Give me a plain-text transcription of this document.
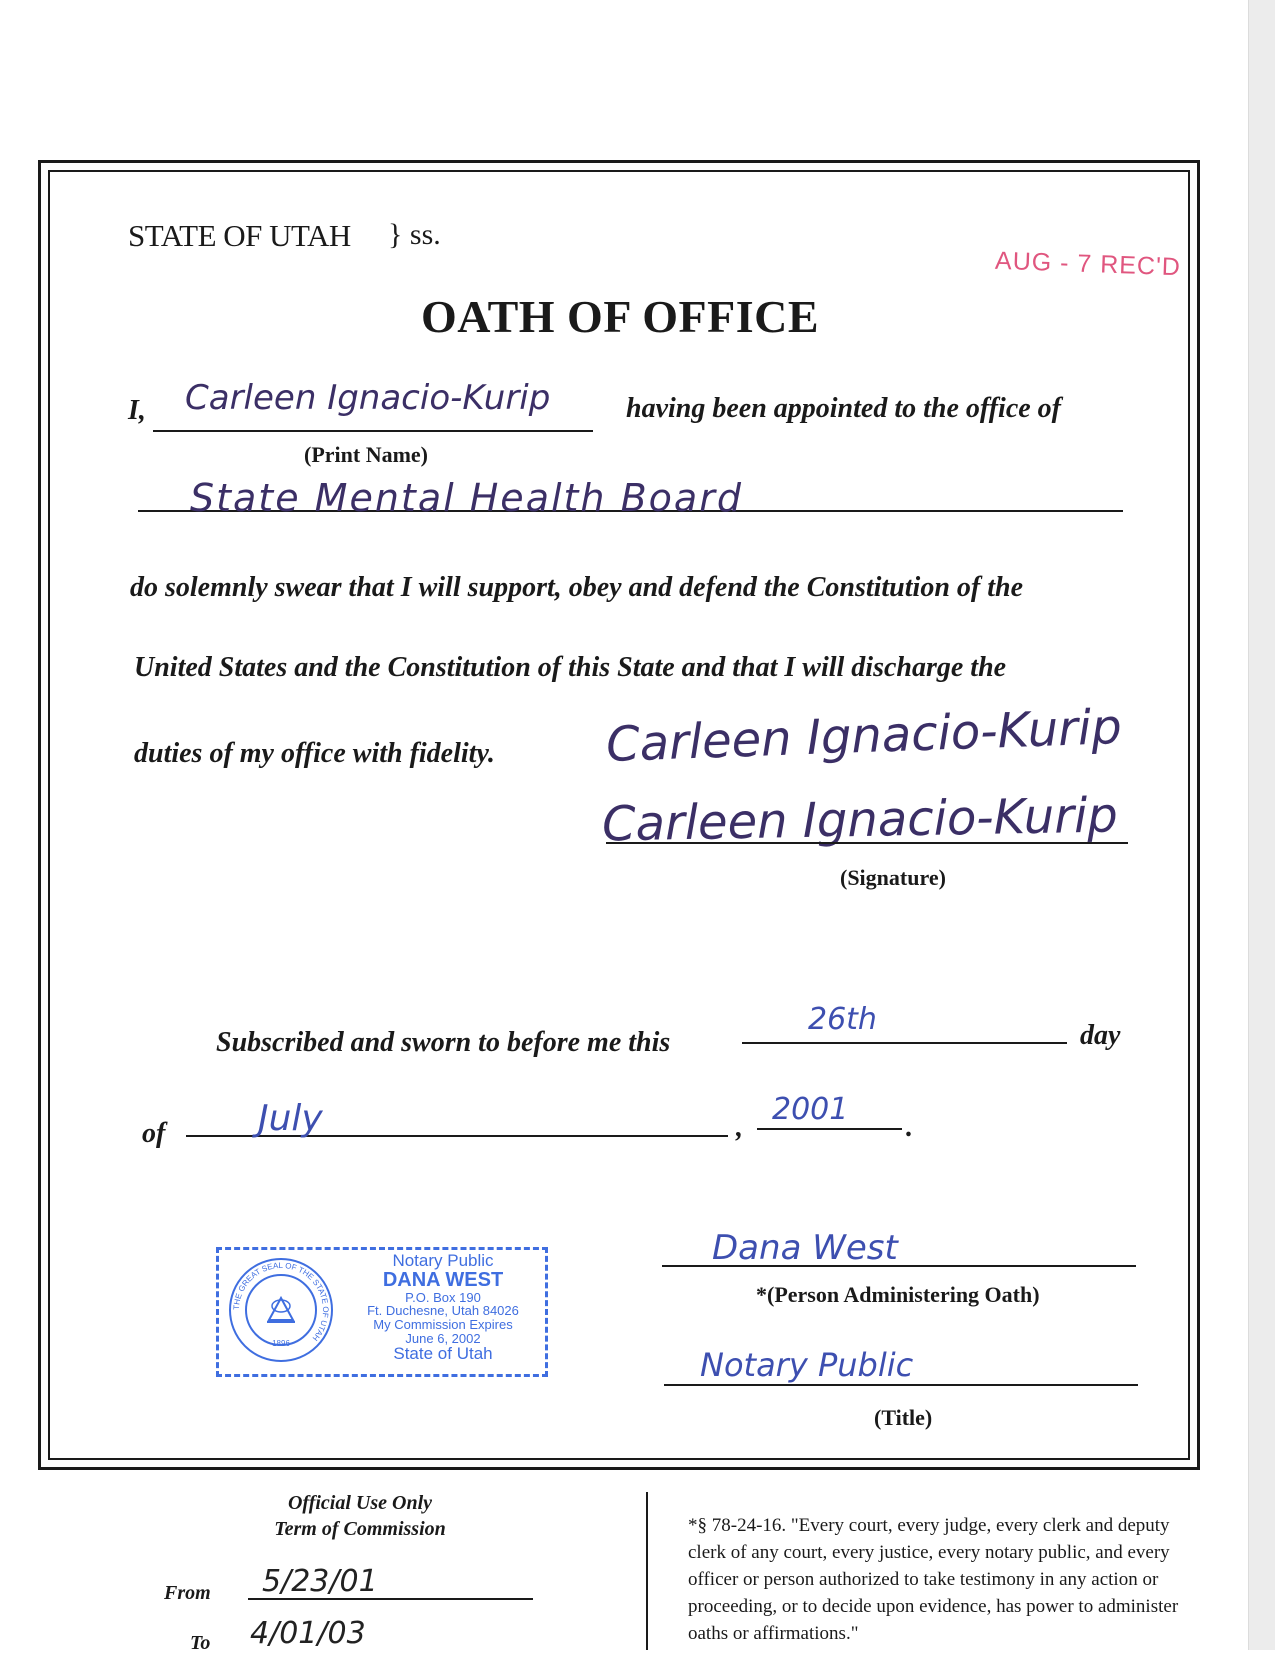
STATE OF UTAH } ss.
AUG - 7 REC'D
OATH OF OFFICE
I, Carleen Ignacio-Kurip	having been appointed to the office of
(Print Name)
State Mental Health Board
do solemnly swear that I will support, obey and defend the Constitution of the
United States and the Constitution of this State and that I will discharge the
duties of my office with fidelity. Carleen Ignacio-Kurip
Carleen Ignacio-Kurip
(Signature)
Subscribed and sworn to before me this
26th	day
of	July	,
2001
.
THE GREAT SEAL OF THE STATE OF UTAH
1896
Notary Public
DANA WEST
P.O. Box 190
Ft. Duchesne, Utah 84026
My Commission Expires
June 6, 2002
State of Utah
Dana West
*(Person Administering Oath)
Notary Public
(Title)
Official Use Only
Term of Commission
From 5/23/01
To 4/01/03
*§ 78-24-16. "Every court, every judge, every clerk and deputy clerk of any court, every justice, every notary public, and every officer or person authorized to take testimony in any action or proceeding, or to decide upon evidence, has power to administer oaths or affirmations."
